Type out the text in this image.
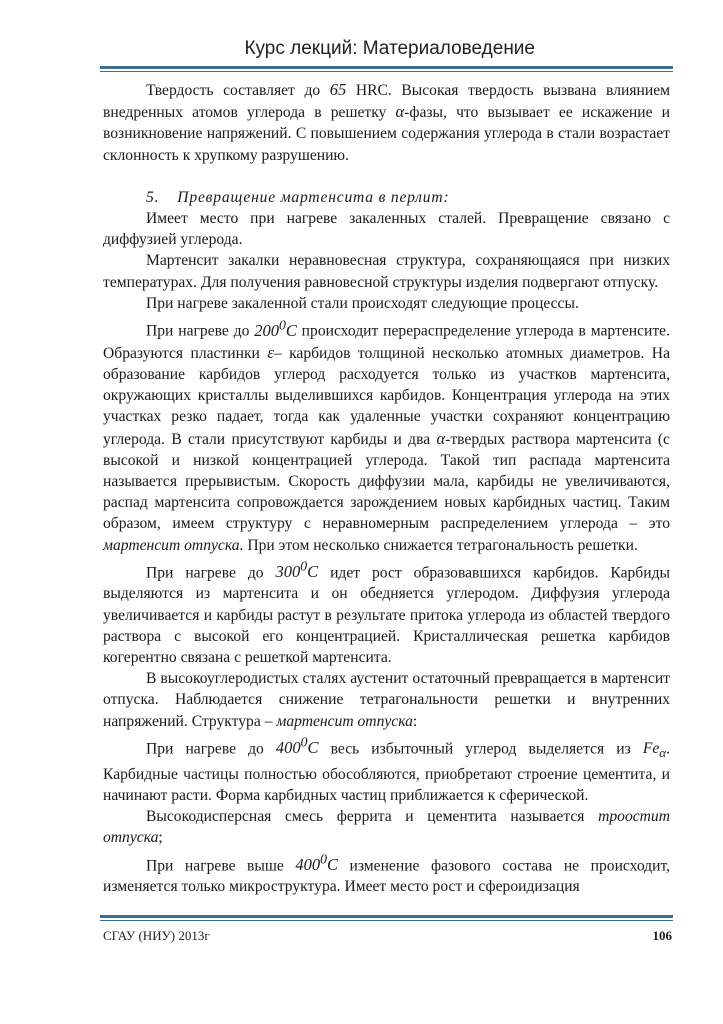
Курс лекций: Материаловедение

Твердость составляет до 65 HRC. Высокая твердость вызвана влиянием внедренных атомов углерода в решетку α-фазы, что вызывает ее искажение и возникновение напряжений. С повышением содержания углерода в стали возрастает склонность к хрупкому разрушению.

5. Превращение мартенсита в перлит:

Имеет место при нагреве закаленных сталей. Превращение связано с диффузией углерода.

Мартенсит закалки неравновесная структура, сохраняющаяся при низких температурах. Для получения равновесной структуры изделия подвергают отпуску.

При нагреве закаленной стали происходят следующие процессы.

При нагреве до $200^0C$ происходит перераспределение углерода в мартенсите. Образуются пластинки ε– карбидов толщиной несколько атомных диаметров. На образование карбидов углерод расходуется только из участков мартенсита, окружающих кристаллы выделившихся карбидов. Концентрация углерода на этих участках резко падает, тогда как удаленные участки сохраняют концентрацию углерода. В стали присутствуют карбиды и два α-твердых раствора мартенсита (с высокой и низкой концентрацией углерода. Такой тип распада мартенсита называется прерывистым. Скорость диффузии мала, карбиды не увеличиваются, распад мартенсита сопровождается зарождением новых карбидных частиц. Таким образом, имеем структуру с неравномерным распределением углерода – это мартенсит отпуска. При этом несколько снижается тетрагональность решетки.

При нагреве до $300^0C$ идет рост образовавшихся карбидов. Карбиды выделяются из мартенсита и он обедняется углеродом. Диффузия углерода увеличивается и карбиды растут в результате притока углерода из областей твердого раствора с высокой его концентрацией. Кристаллическая решетка карбидов когерентно связана с решеткой мартенсита.

В высокоуглеродистых сталях аустенит остаточный превращается в мартенсит отпуска. Наблюдается снижение тетрагональности решетки и внутренних напряжений. Структура – мартенсит отпуска:

При нагреве до $400^0C$ весь избыточный углерод выделяется из $Fe_\alpha$. Карбидные частицы полностью обособляются, приобретают строение цементита, и начинают расти. Форма карбидных частиц приближается к сферической.

Высокодисперсная смесь феррита и цементита называется троостит отпуска;

При нагреве выше $400^0C$ изменение фазового состава не происходит, изменяется только микроструктура. Имеет место рост и сфероидизация

СГАУ (НИУ) 2013г	106
